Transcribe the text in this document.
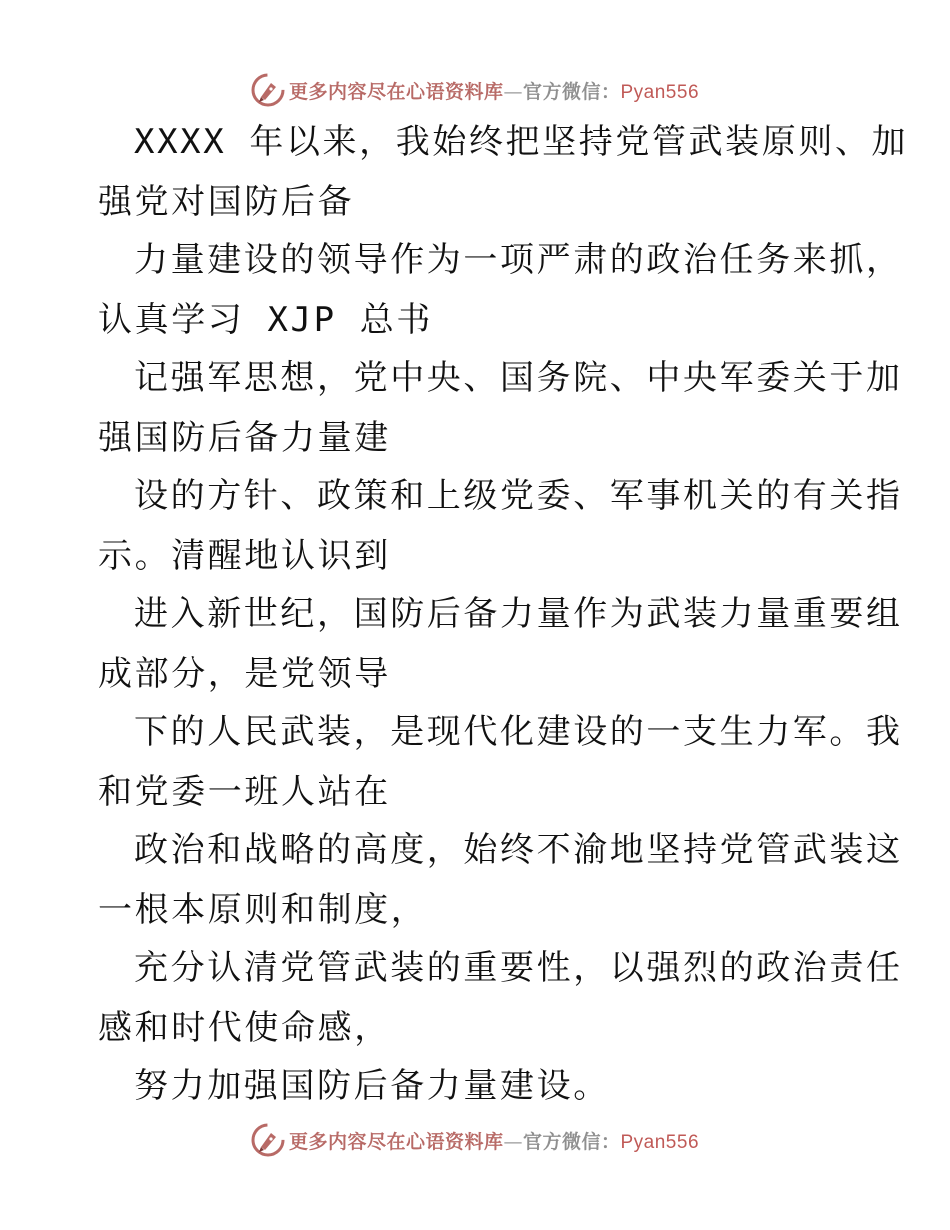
更多内容尽在心语资料库—官方微信：Pyan556
XXXX 年以来，我始终把坚持党管武装原则、加
强党对国防后备
力量建设的领导作为一项严肃的政治任务来抓，
认真学习 XJP 总书
记强军思想，党中央、国务院、中央军委关于加
强国防后备力量建
设的方针、政策和上级党委、军事机关的有关指
示。清醒地认识到
进入新世纪，国防后备力量作为武装力量重要组
成部分，是党领导
下的人民武装，是现代化建设的一支生力军。我
和党委一班人站在
政治和战略的高度，始终不渝地坚持党管武装这
一根本原则和制度，
充分认清党管武装的重要性，以强烈的政治责任
感和时代使命感，
努力加强国防后备力量建设。
更多内容尽在心语资料库—官方微信：Pyan556
